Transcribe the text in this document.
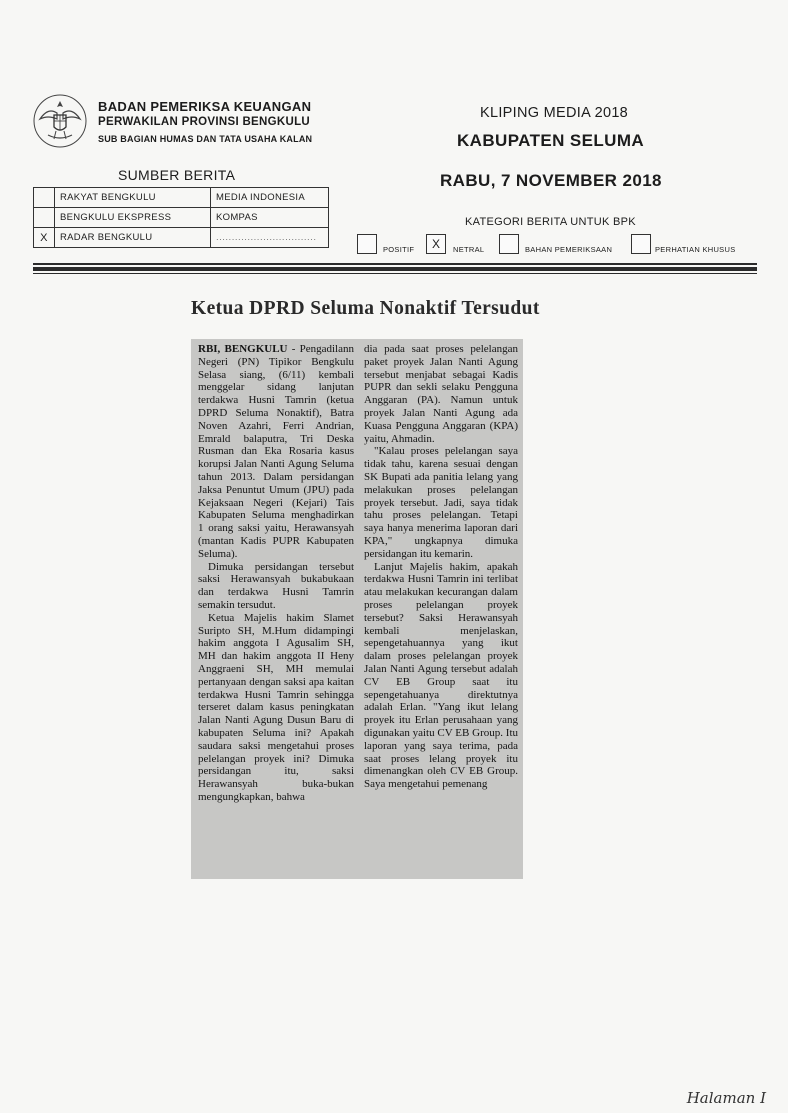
BADAN PEMERIKSA KEUANGAN
PERWAKILAN PROVINSI BENGKULU
SUB BAGIAN HUMAS DAN TATA USAHA KALAN
KLIPING MEDIA 2018
KABUPATEN SELUMA
RABU, 7 NOVEMBER 2018
SUMBER BERITA
	RAKYAT BENGKULU	MEDIA INDONESIA
	BENGKULU EKSPRESS	KOMPAS
X	RADAR BENGKULU	................................
KATEGORI BERITA UNTUK BPK
POSITIF	X	NETRAL	BAHAN PEMERIKSAAN	PERHATIAN KHUSUS
Ketua DPRD Seluma Nonaktif Tersudut

RBI, BENGKULU - Pengadilann Negeri (PN) Tipikor Bengkulu Selasa siang, (6/11) kembali menggelar sidang lanjutan terdakwa Husni Tamrin (ketua DPRD Seluma Nonaktif), Batra Noven Azahri, Ferri Andrian, Emrald balaputra, Tri Deska Rusman dan Eka Rosaria kasus korupsi Jalan Nanti Agung Seluma tahun 2013. Dalam persidangan Jaksa Penuntut Umum (JPU) pada Kejaksaan Negeri (Kejari) Tais Kabupaten Seluma menghadirkan 1 orang saksi yaitu, Herawansyah (mantan Kadis PUPR Kabupaten Seluma).

Dimuka persidangan tersebut saksi Herawansyah bukabukaan dan terdakwa Husni Tamrin semakin tersudut.

Ketua Majelis hakim Slamet Suripto SH, M.Hum didampingi hakim anggota I Agusalim SH, MH dan hakim anggota II Heny Anggraeni SH, MH memulai pertanyaan dengan saksi apa kaitan terdakwa Husni Tamrin sehingga terseret dalam kasus peningkatan Jalan Nanti Agung Dusun Baru di kabupaten Seluma ini? Apakah saudara saksi mengetahui proses pelelangan proyek ini? Dimuka persidangan itu, saksi Herawansyah buka-bukan mengungkapkan, bahwa

dia pada saat proses pelelangan paket proyek Jalan Nanti Agung tersebut menjabat sebagai Kadis PUPR dan sekli selaku Pengguna Anggaran (PA). Namun untuk proyek Jalan Nanti Agung ada Kuasa Pengguna Anggaran (KPA) yaitu, Ahmadin.

"Kalau proses pelelangan saya tidak tahu, karena sesuai dengan SK Bupati ada panitia lelang yang melakukan proses pelelangan proyek tersebut. Jadi, saya tidak tahu proses pelelangan. Tetapi saya hanya menerima laporan dari KPA," ungkapnya dimuka persidangan itu kemarin.

Lanjut Majelis hakim, apakah terdakwa Husni Tamrin ini terlibat atau melakukan kecurangan dalam proses pelelangan proyek tersebut? Saksi Herawansyah kembali menjelaskan, sepengetahuannya yang ikut dalam proses pelelangan proyek Jalan Nanti Agung tersebut adalah CV EB Group saat itu sepengetahuanya direktutnya adalah Erlan. "Yang ikut lelang proyek itu Erlan perusahaan yang digunakan yaitu CV EB Group. Itu laporan yang saya terima, pada saat proses lelang proyek itu dimenangkan oleh CV EB Group. Saya mengetahui pemenang

Halaman I
